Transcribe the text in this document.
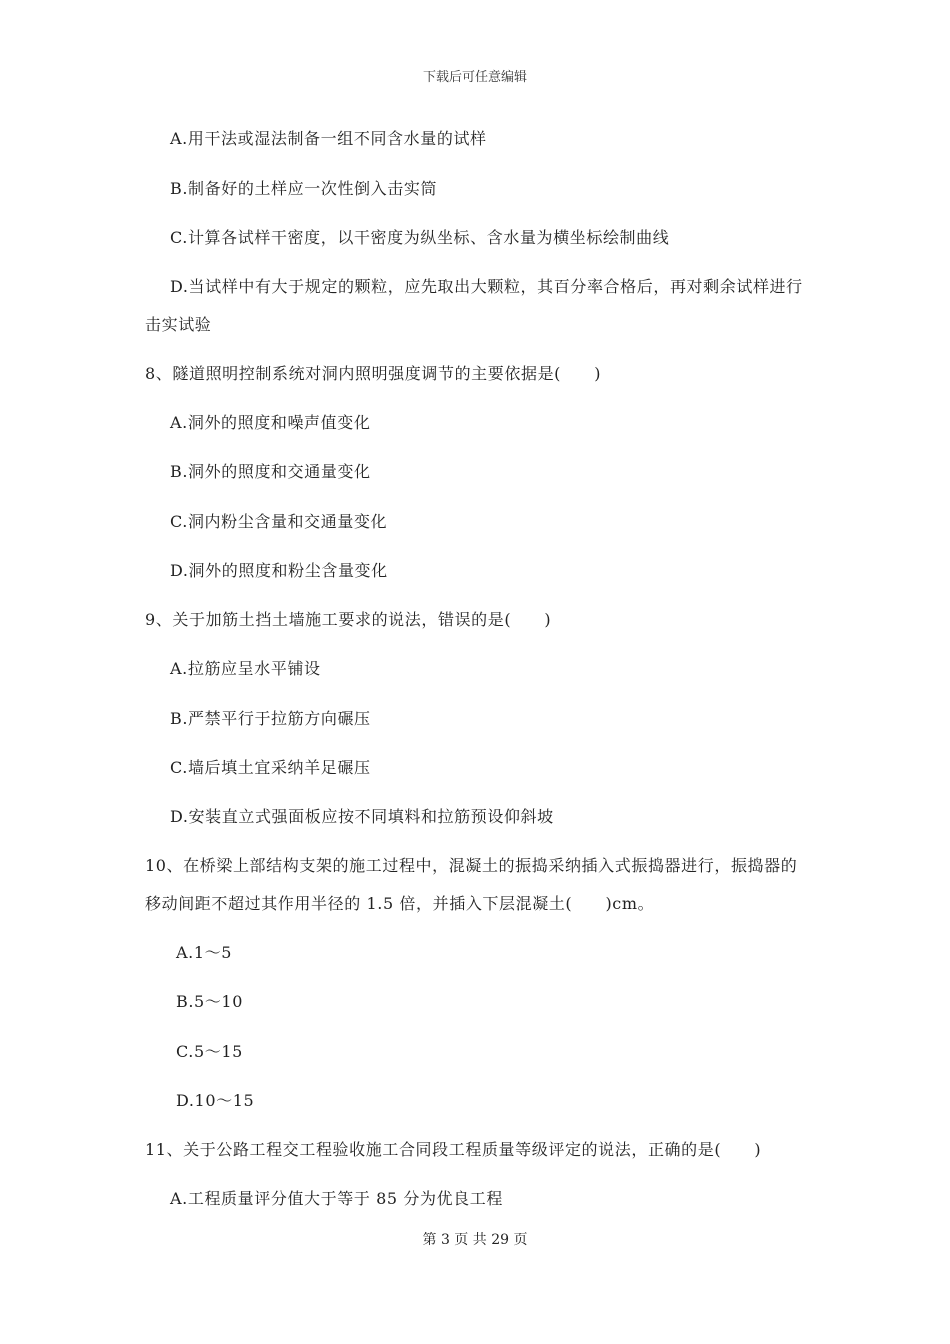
下载后可任意编辑
A.用干法或湿法制备一组不同含水量的试样
B.制备好的土样应一次性倒入击实筒
C.计算各试样干密度，以干密度为纵坐标、含水量为横坐标绘制曲线
D.当试样中有大于规定的颗粒，应先取出大颗粒，其百分率合格后，再对剩余试样进行
击实试验
8、隧道照明控制系统对洞内照明强度调节的主要依据是(　　)
A.洞外的照度和噪声值变化
B.洞外的照度和交通量变化
C.洞内粉尘含量和交通量变化
D.洞外的照度和粉尘含量变化
9、关于加筋土挡土墙施工要求的说法，错误的是(　　)
A.拉筋应呈水平铺设
B.严禁平行于拉筋方向碾压
C.墙后填土宜采纳羊足碾压
D.安装直立式强面板应按不同填料和拉筋预设仰斜坡
10、在桥梁上部结构支架的施工过程中，混凝土的振捣采纳插入式振捣器进行，振捣器的
移动间距不超过其作用半径的 1.5 倍，并插入下层混凝土(　　)cm。
A.1～5
B.5～10
C.5～15
D.10～15
11、关于公路工程交工程验收施工合同段工程质量等级评定的说法，正确的是(　　)
A.工程质量评分值大于等于 85 分为优良工程
第 3 页 共 29 页
